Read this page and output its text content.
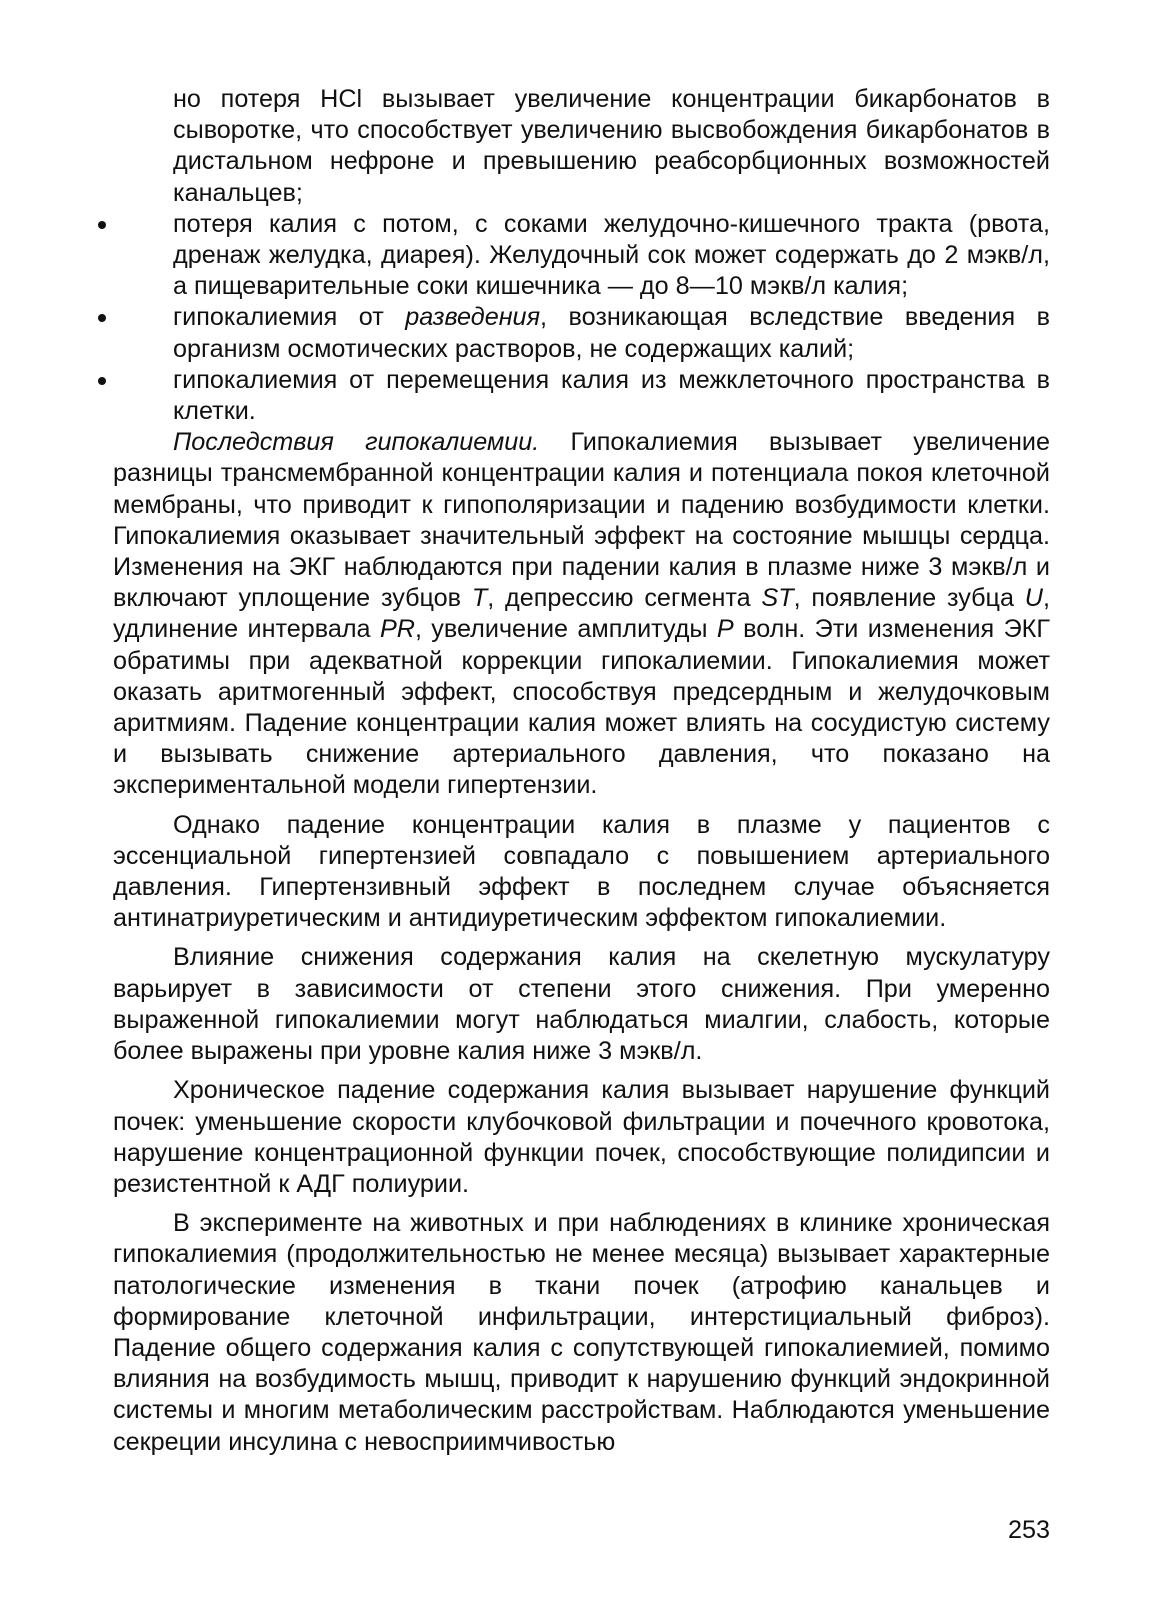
но потеря HCl вызывает увеличение концентрации бикарбонатов в сыворотке, что способствует увеличению высвобождения бикарбонатов в дистальном нефроне и превышению реабсорбционных возможностей канальцев;
потеря калия с потом, с соками желудочно-кишечного тракта (рвота, дренаж желудка, диарея). Желудочный сок может содержать до 2 мэкв/л, а пищеварительные соки кишечника — до 8—10 мэкв/л калия;
гипокалиемия от разведения, возникающая вследствие введения в организм осмотических растворов, не содержащих калий;
гипокалиемия от перемещения калия из межклеточного пространства в клетки.

Последствия гипокалиемии. Гипокалиемия вызывает увеличение разницы трансмембранной концентрации калия и потенциала покоя клеточной мембраны, что приводит к гипополяризации и падению возбудимости клетки. Гипокалиемия оказывает значительный эффект на состояние мышцы сердца. Изменения на ЭКГ наблюдаются при падении калия в плазме ниже 3 мэкв/л и включают уплощение зубцов T, депрессию сегмента ST, появление зубца U, удлинение интервала PR, увеличение амплитуды P волн. Эти изменения ЭКГ обратимы при адекватной коррекции гипокалиемии. Гипокалиемия может оказать аритмогенный эффект, способствуя предсердным и желудочковым аритмиям. Падение концентрации калия может влиять на сосудистую систему и вызывать снижение артериального давления, что показано на экспериментальной модели гипертензии.

Однако падение концентрации калия в плазме у пациентов с эссенциальной гипертензией совпадало с повышением артериального давления. Гипертензивный эффект в последнем случае объясняется антинатриуретическим и антидиуретическим эффектом гипокалиемии.

Влияние снижения содержания калия на скелетную мускулатуру варьирует в зависимости от степени этого снижения. При умеренно выраженной гипокалиемии могут наблюдаться миалгии, слабость, которые более выражены при уровне калия ниже 3 мэкв/л.

Хроническое падение содержания калия вызывает нарушение функций почек: уменьшение скорости клубочковой фильтрации и почечного кровотока, нарушение концентрационной функции почек, способствующие полидипсии и резистентной к АДГ полиурии.

В эксперименте на животных и при наблюдениях в клинике хроническая гипокалиемия (продолжительностью не менее месяца) вызывает характерные патологические изменения в ткани почек (атрофию канальцев и формирование клеточной инфильтрации, интерстициальный фиброз). Падение общего содержания калия с сопутствующей гипокалиемией, помимо влияния на возбудимость мышц, приводит к нарушению функций эндокринной системы и многим метаболическим расстройствам. Наблюдаются уменьшение секреции инсулина с невосприимчивостью

253
